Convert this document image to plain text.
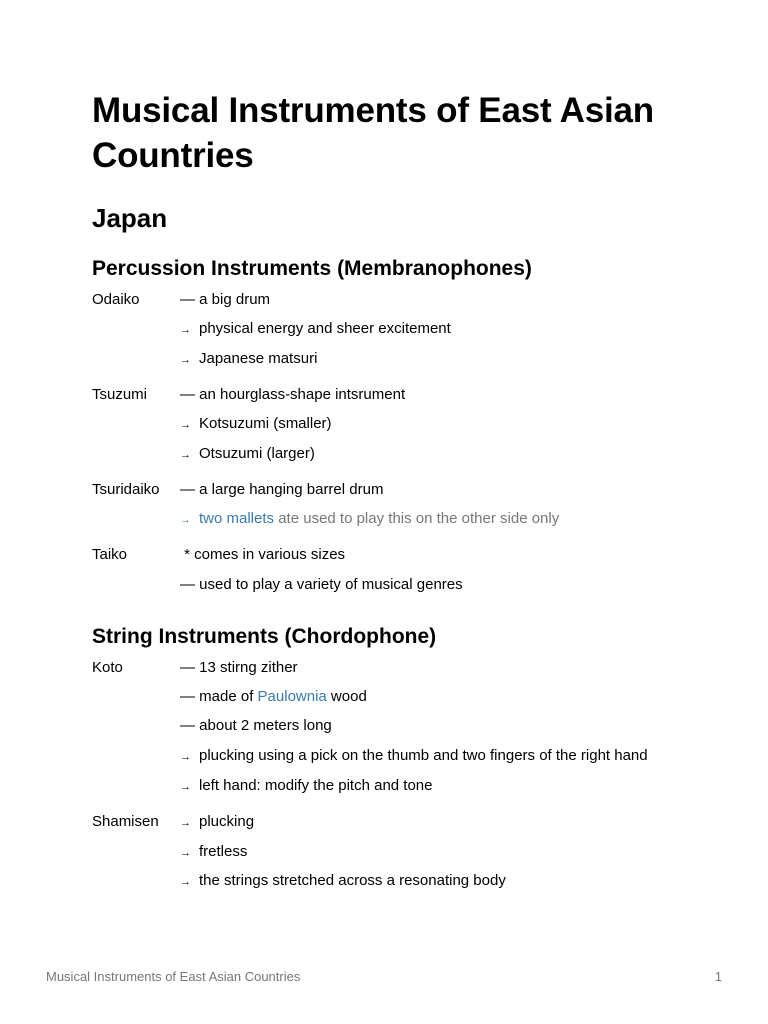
Musical Instruments of East Asian Countries
Japan
Percussion Instruments (Membranophones)
Odaiko	— a big drum
→ physical energy and sheer excitement
→ Japanese matsuri
Tsuzumi — an hourglass-shape intsrument
→ Kotsuzumi (smaller)
→ Otsuzumi (larger)
Tsuridaiko — a large hanging barrel drum
→ two mallets ate used to play this on the other side only
Taiko	* comes in various sizes
— used to play a variety of musical genres
String Instruments (Chordophone)
Koto	— 13 stirng zither
— made of Paulownia wood
— about 2 meters long
→ plucking using a pick on the thumb and two fingers of the right hand
→ left hand: modify the pitch and tone
Shamisen → plucking
→ fretless
→ the strings stretched across a resonating body
Musical Instruments of East Asian Countries	1
